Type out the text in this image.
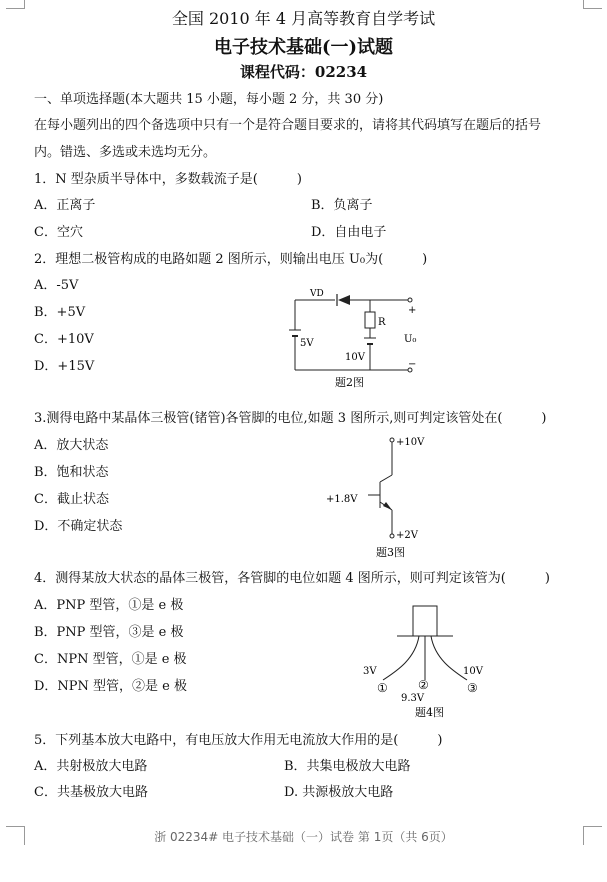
全国 2010 年 4 月高等教育自学考试
电子技术基础(一)试题
课程代码：02234
一、单项选择题(本大题共 15 小题，每小题 2 分，共 30 分)
在每小题列出的四个备选项中只有一个是符合题目要求的，请将其代码填写在题后的括号
内。错选、多选或未选均无分。
1．N 型杂质半导体中，多数载流子是(　　　)
A．正离子	B．负离子
C．空穴	D．自由电子
2．理想二极管构成的电路如题 2 图所示，则输出电压 U₀为(　　　)
A．-5V
B．+5V
C．+10V
D．+15V
VD
R
5V
10V
U₀
+
−
题2图
3.测得电路中某晶体三极管(锗管)各管脚的电位,如题 3 图所示,则可判定该管处在(　　　)
A．放大状态
B．饱和状态
C．截止状态
D．不确定状态
+10V
+1.8V
+2V
题3图
4．测得某放大状态的晶体三极管，各管脚的电位如题 4 图所示，则可判定该管为(　　　)
A．PNP 型管，①是 e 极
B．PNP 型管，③是 e 极
C．NPN 型管，①是 e 极
D．NPN 型管，②是 e 极
3V	10V
①	②	③
9.3V
题4图
5．下列基本放大电路中，有电压放大作用无电流放大作用的是(　　　)
A．共射极放大电路	B．共集电极放大电路
C．共基极放大电路	D. 共源极放大电路
浙 02234# 电子技术基础（一）试卷 第 1页（共 6页）
